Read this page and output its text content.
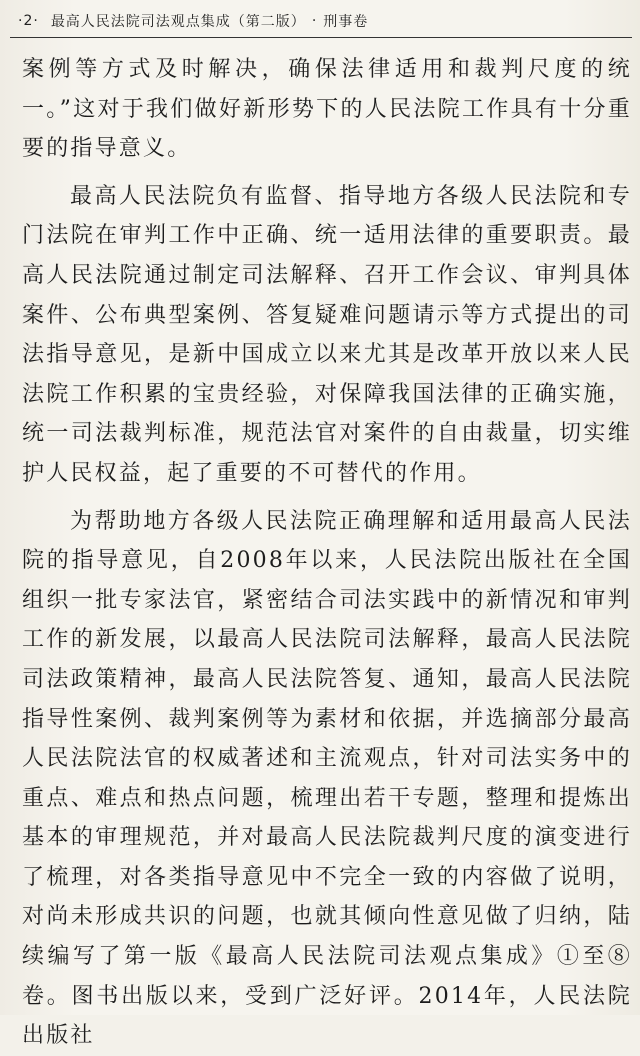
·2· 最高人民法院司法观点集成（第二版） · 刑事卷

案例等方式及时解决，确保法律适用和裁判尺度的统一。”这对于我们做好新形势下的人民法院工作具有十分重要的指导意义。

最高人民法院负有监督、指导地方各级人民法院和专门法院在审判工作中正确、统一适用法律的重要职责。最高人民法院通过制定司法解释、召开工作会议、审判具体案件、公布典型案例、答复疑难问题请示等方式提出的司法指导意见，是新中国成立以来尤其是改革开放以来人民法院工作积累的宝贵经验，对保障我国法律的正确实施，统一司法裁判标准，规范法官对案件的自由裁量，切实维护人民权益，起了重要的不可替代的作用。

为帮助地方各级人民法院正确理解和适用最高人民法院的指导意见，自2008年以来，人民法院出版社在全国组织一批专家法官，紧密结合司法实践中的新情况和审判工作的新发展，以最高人民法院司法解释，最高人民法院司法政策精神，最高人民法院答复、通知，最高人民法院指导性案例、裁判案例等为素材和依据，并选摘部分最高人民法院法官的权威著述和主流观点，针对司法实务中的重点、难点和热点问题，梳理出若干专题，整理和提炼出基本的审理规范，并对最高人民法院裁判尺度的演变进行了梳理，对各类指导意见中不完全一致的内容做了说明，对尚未形成共识的问题，也就其倾向性意见做了归纳，陆续编写了第一版《最高人民法院司法观点集成》①至⑧卷。图书出版以来，受到广泛好评。2014年，人民法院出版社
